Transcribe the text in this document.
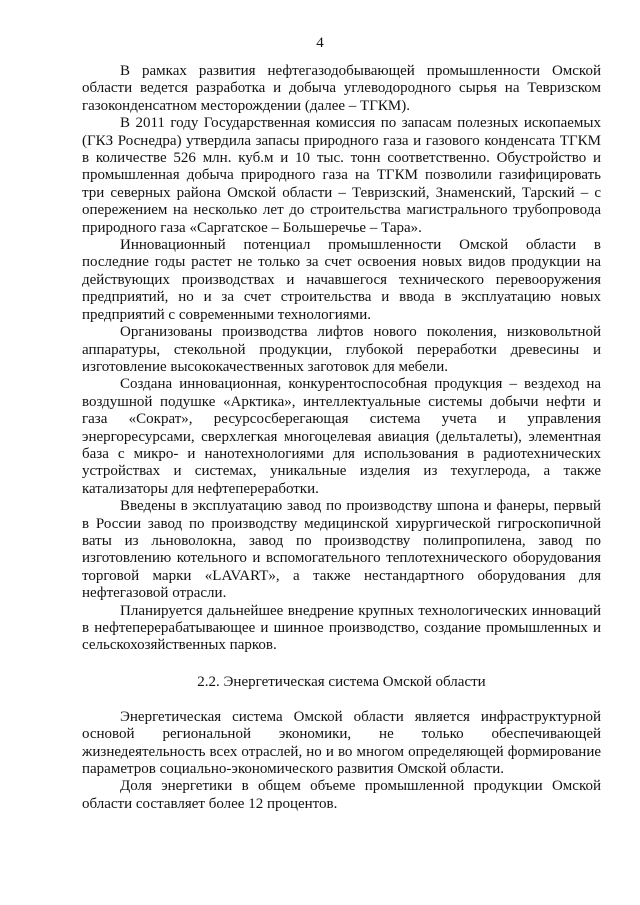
4

В рамках развития нефтегазодобывающей промышленности Омской области ведется разработка и добыча углеводородного сырья на Тевризском газоконденсатном месторождении (далее – ТГКМ).

В 2011 году Государственная комиссия по запасам полезных ископаемых (ГКЗ Роснедра) утвердила запасы природного газа и газового конденсата ТГКМ в количестве 526 млн. куб.м и 10 тыс. тонн соответственно. Обустройство и промышленная добыча природного газа на ТГКМ позволили газифицировать три северных района Омской области – Тевризский, Знаменский, Тарский – с опережением на несколько лет до строительства магистрального трубопровода природного газа «Саргатское – Большеречье – Тара».

Инновационный потенциал промышленности Омской области в последние годы растет не только за счет освоения новых видов продукции на действующих производствах и начавшегося технического перевооружения предприятий, но и за счет строительства и ввода в эксплуатацию новых предприятий с современными технологиями.

Организованы производства лифтов нового поколения, низковольтной аппаратуры, стекольной продукции, глубокой переработки древесины и изготовление высококачественных заготовок для мебели.

Создана инновационная, конкурентоспособная продукция – вездеход на воздушной подушке «Арктика», интеллектуальные системы добычи нефти и газа «Сократ», ресурсосберегающая система учета и управления энергоресурсами, сверхлегкая многоцелевая авиация (дельталеты), элементная база с микро- и нанотехнологиями для использования в радиотехнических устройствах и системах, уникальные изделия из техуглерода, а также катализаторы для нефтепереработки.

Введены в эксплуатацию завод по производству шпона и фанеры, первый в России завод по производству медицинской хирургической гигроскопичной ваты из льноволокна, завод по производству полипропилена, завод по изготовлению котельного и вспомогательного теплотехнического оборудования торговой марки «LAVART», а также нестандартного оборудования для нефтегазовой отрасли.

Планируется дальнейшее внедрение крупных технологических инноваций в нефтеперерабатывающее и шинное производство, создание промышленных и сельскохозяйственных парков.

2.2. Энергетическая система Омской области

Энергетическая система Омской области является инфраструктурной основой региональной экономики, не только обеспечивающей жизнедеятельность всех отраслей, но и во многом определяющей формирование параметров социально-экономического развития Омской области.

Доля энергетики в общем объеме промышленной продукции Омской области составляет более 12 процентов.
